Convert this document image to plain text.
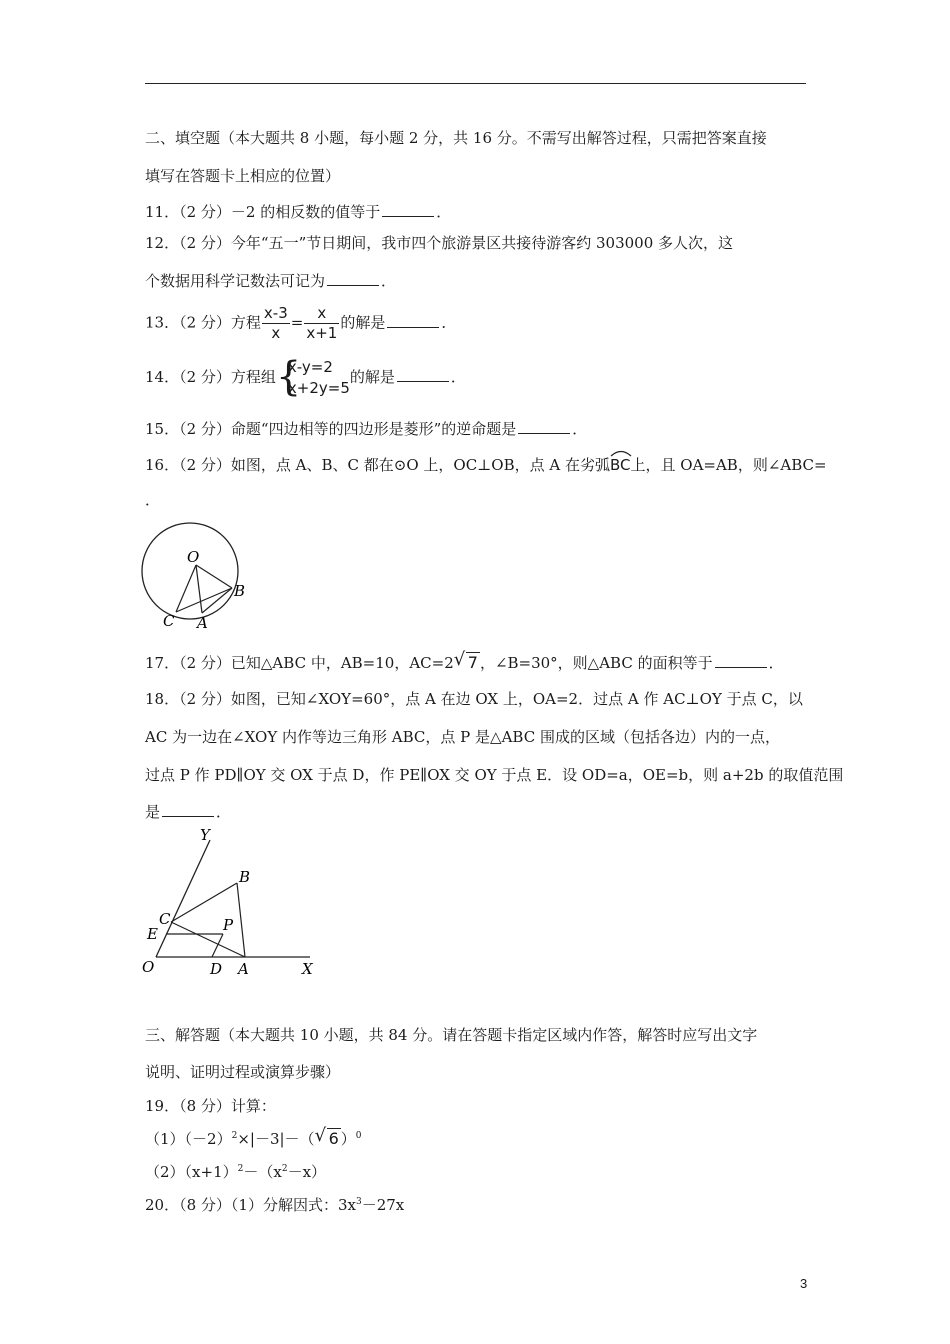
二、填空题（本大题共 8 小题，每小题 2 分，共 16 分。不需写出解答过程，只需把答案直接
填写在答题卡上相应的位置）
11．（2 分）－2 的相反数的值等于	．
12．（2 分）今年“五一”节日期间，我市四个旅游景区共接待游客约 303000 多人次，这
个数据用科学记数法可记为	．
13．（2 分）方程 $\frac{x-3}{x} = \frac{x}{x+1}$ 的解是	．
14．（2 分）方程组 {
x-y=2
x+2y=5
的解是	．
15．（2 分）命题“四边相等的四边形是菱形”的逆命题是	．
16．（2 分）如图，点 A、B、C 都在⊙O 上，OC⊥OB，点 A 在劣弧
BC上，且 OA=AB，则∠ABC=
．
O
B
C A
17．（2 分）已知△ABC 中，AB=10，AC=2 √ 7 ，∠B=30°，则△ABC 的面积等于	．
18．（2 分）如图，已知∠XOY=60°，点 A 在边 OX 上，OA=2．过点 A 作 AC⊥OY 于点 C，以
AC 为一边在∠XOY 内作等边三角形 ABC，点 P 是△ABC 围成的区域（包括各边）内的一点，
过点 P 作 PD∥OY 交 OX 于点 D，作 PE∥OX 交 OY 于点 E．设 OD=a，OE=b，则 a+2b 的取值范围
是	．
Y
B
C	P
E
O	D A	X
三、解答题（本大题共 10 小题，共 84 分。请在答题卡指定区域内作答，解答时应写出文字
说明、证明过程或演算步骤）
19．（8 分）计算：
$(1)(-2)^2\times|-3|-$（ √ 6 ）$^0$
$(2)(x+1)^2-(x^2-x)$
20．（8 分）（1）分解因式：$3x^3-27x$
3
